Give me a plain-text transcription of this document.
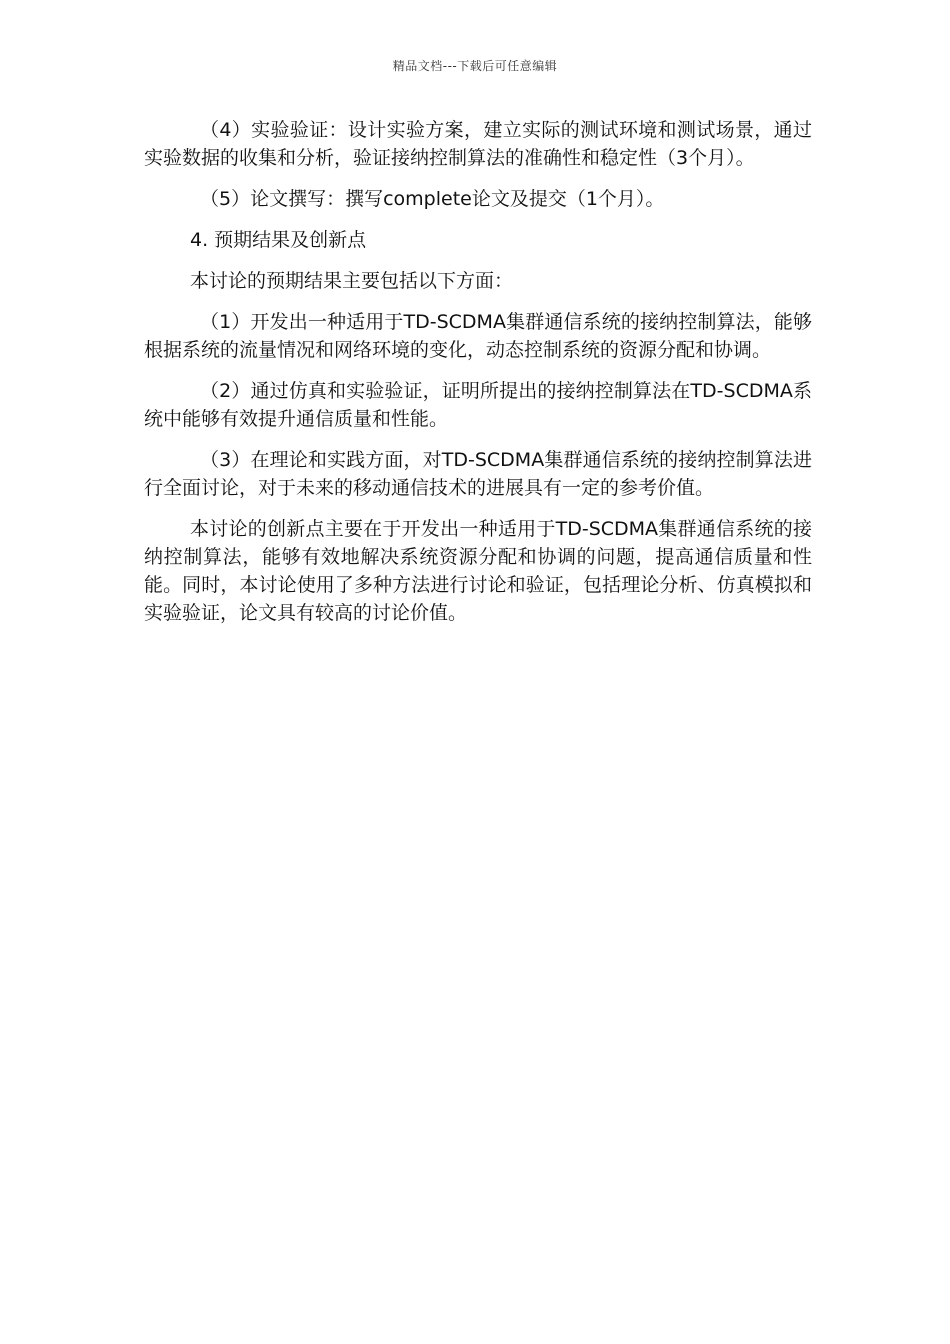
精品文档---下载后可任意编辑

（4）实验验证：设计实验方案，建立实际的测试环境和测试场景，通过实验数据的收集和分析，验证接纳控制算法的准确性和稳定性（3个月）。

（5）论文撰写：撰写complete论文及提交（1个月）。

4. 预期结果及创新点

本讨论的预期结果主要包括以下方面：

（1）开发出一种适用于TD-SCDMA集群通信系统的接纳控制算法，能够根据系统的流量情况和网络环境的变化，动态控制系统的资源分配和协调。

（2）通过仿真和实验验证，证明所提出的接纳控制算法在TD-SCDMA系统中能够有效提升通信质量和性能。

（3）在理论和实践方面，对TD-SCDMA集群通信系统的接纳控制算法进行全面讨论，对于未来的移动通信技术的进展具有一定的参考价值。

本讨论的创新点主要在于开发出一种适用于TD-SCDMA集群通信系统的接纳控制算法，能够有效地解决系统资源分配和协调的问题，提高通信质量和性能。同时，本讨论使用了多种方法进行讨论和验证，包括理论分析、仿真模拟和实验验证，论文具有较高的讨论价值。
